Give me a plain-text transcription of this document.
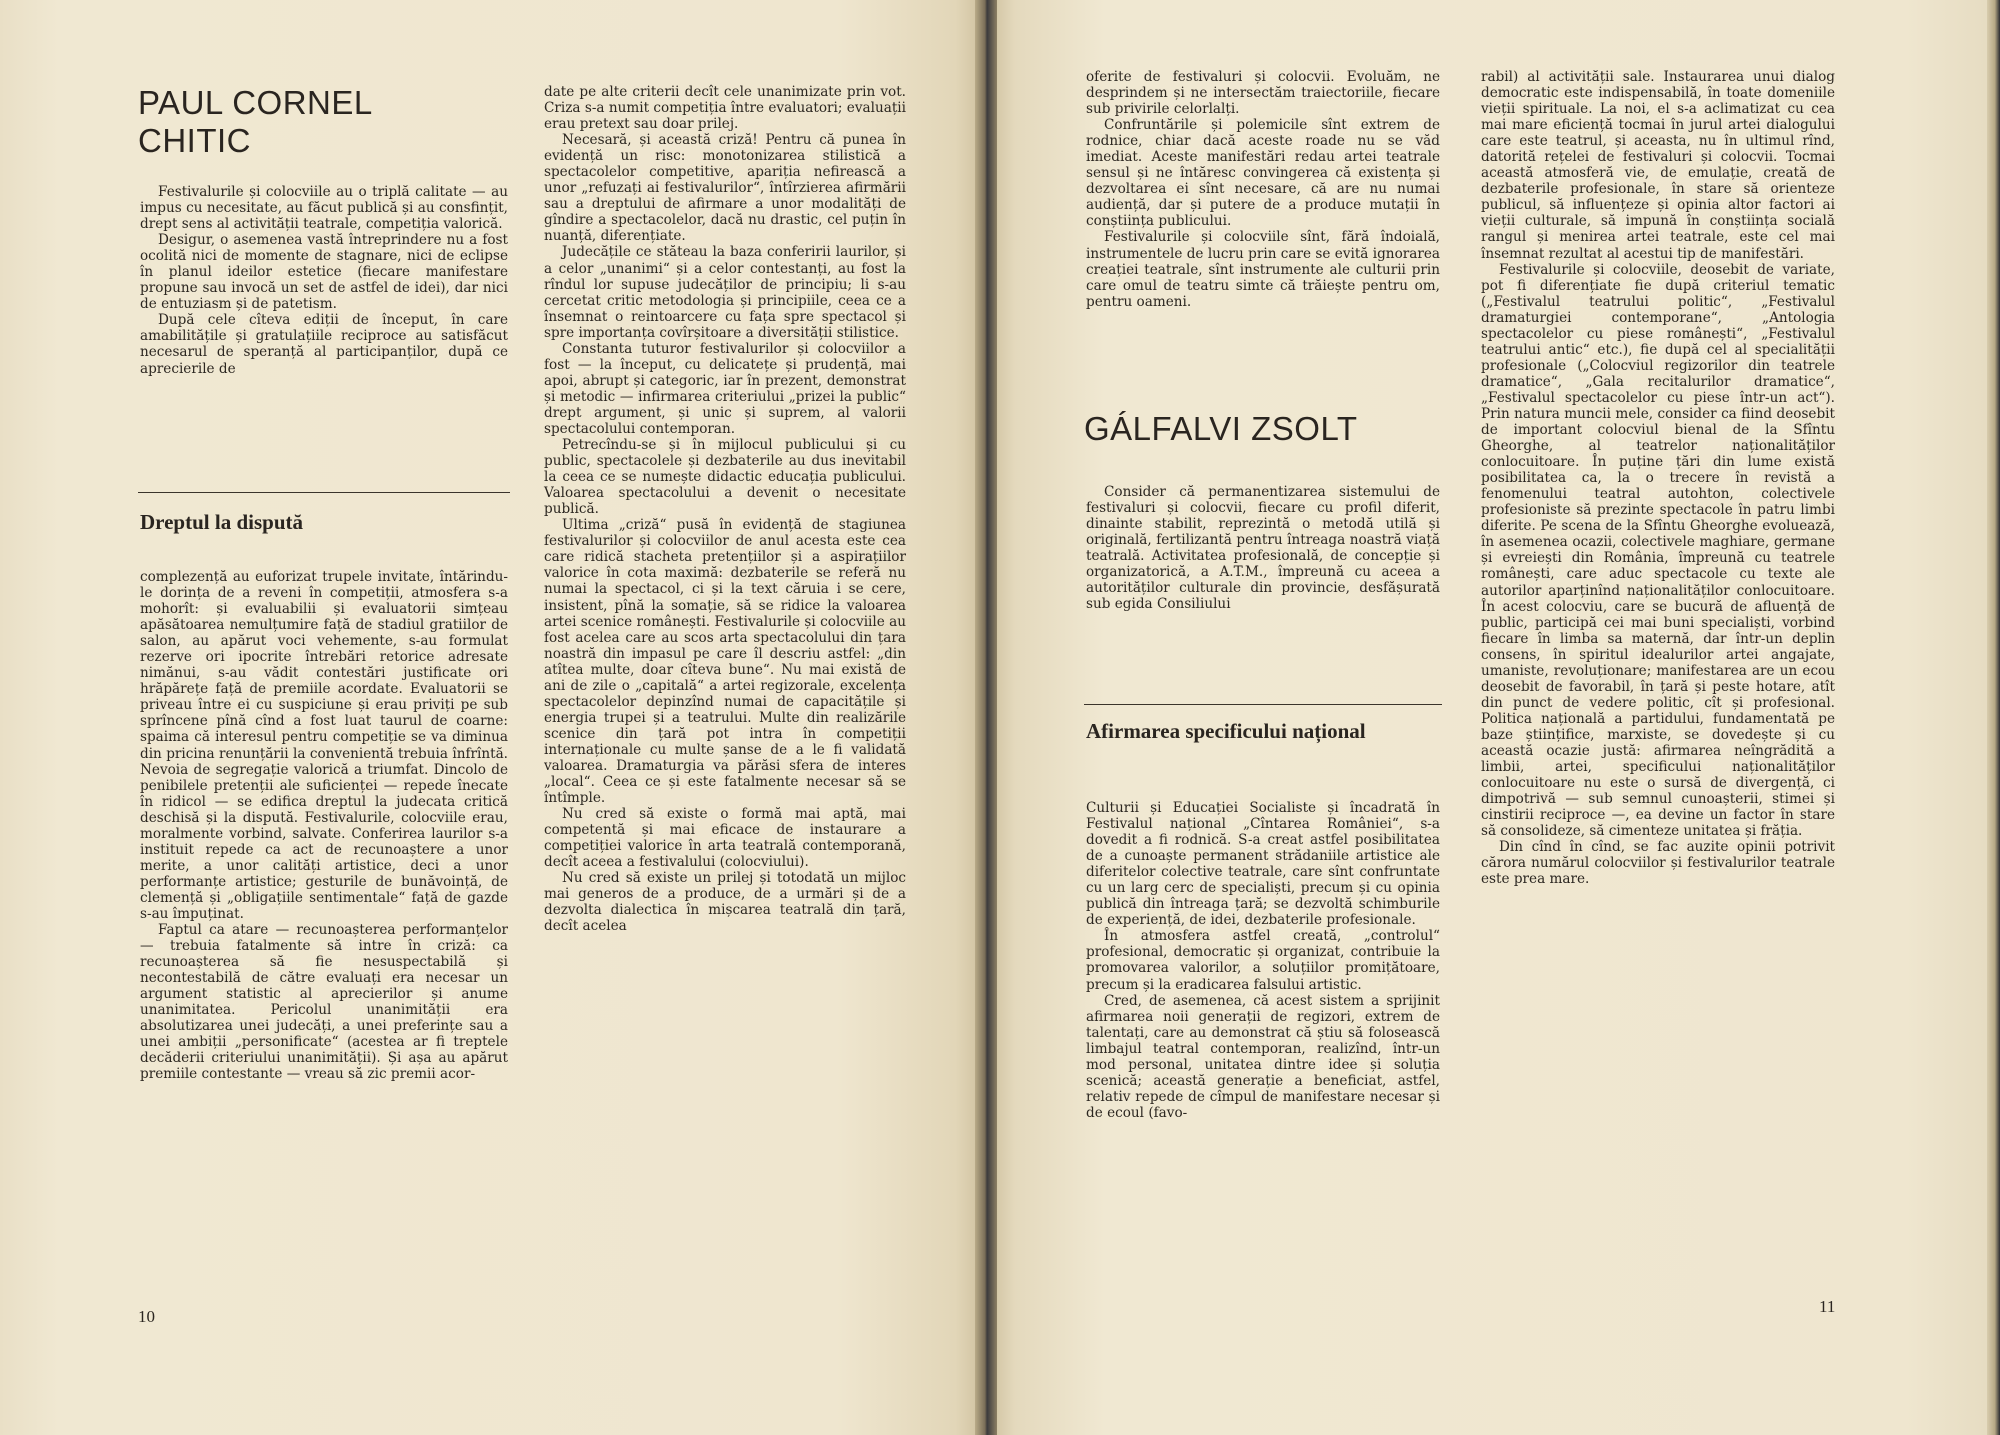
PAUL CORNEL CHITIC

Festivalurile și colocviile au o triplă calitate — au impus cu necesitate, au făcut publică și au consfințit, drept sens al activității teatrale, competiția valorică.

Desigur, o asemenea vastă întreprindere nu a fost ocolită nici de momente de stagnare, nici de eclipse în planul ideilor estetice (fiecare manifestare propune sau invocă un set de astfel de idei), dar nici de entuziasm și de patetism.

După cele cîteva ediții de început, în care amabilitățile și gratulațiile reciproce au satisfăcut necesarul de speranță al participanților, după ce aprecierile de

Dreptul la dispută

complezență au euforizat trupele invitate, întărindu-le dorința de a reveni în competiții, atmosfera s-a mohorît: și evaluabilii și evaluatorii simțeau apăsătoarea nemulțumire față de stadiul gratiilor de salon, au apărut voci vehemente, s-au formulat rezerve ori ipocrite întrebări retorice adresate nimănui, s-au vădit contestări justificate ori hrăpărețe față de premiile acordate. Evaluatorii se priveau între ei cu suspiciune și erau priviți pe sub sprîncene pînă cînd a fost luat taurul de coarne: spaima că interesul pentru competiție se va diminua din pricina renunțării la convenientă trebuia înfrîntă. Nevoia de segregație valorică a triumfat. Dincolo de penibilele pretenții ale suficienței — repede înecate în ridicol — se edifica dreptul la judecata critică deschisă și la dispută. Festivalurile, colocviile erau, moralmente vorbind, salvate. Conferirea laurilor s-a instituit repede ca act de recunoaștere a unor merite, a unor calități artistice, deci a unor performanțe artistice; gesturile de bunăvoință, de clemență și „obligațiile sentimentale“ față de gazde s-au împuținat.

Faptul ca atare — recunoașterea performanțelor — trebuia fatalmente să intre în criză: ca recunoașterea să fie nesuspectabilă și necontestabilă de către evaluați era necesar un argument statistic al aprecierilor și anume unanimitatea. Pericolul unanimității era absolutizarea unei judecăți, a unei preferințe sau a unei ambiții „personificate“ (acestea ar fi treptele decăderii criteriului unanimității). Și așa au apărut premiile contestante — vreau să zic premii acor-

date pe alte criterii decît cele unanimizate prin vot. Criza s-a numit competiția între evaluatori; evaluații erau pretext sau doar prilej.

Necesară, și această criză! Pentru că punea în evidență un risc: monotonizarea stilistică a spectacolelor competitive, apariția nefirească a unor „refuzați ai festivalurilor“, întîrzierea afirmării sau a dreptului de afirmare a unor modalități de gîndire a spectacolelor, dacă nu drastic, cel puțin în nuanță, diferențiate.

Judecățile ce stăteau la baza conferirii laurilor, și a celor „unanimi“ și a celor contestanți, au fost la rîndul lor supuse judecăților de principiu; li s-au cercetat critic metodologia și principiile, ceea ce a însemnat o reintoarcere cu fața spre spectacol și spre importanța covîrșitoare a diversității stilistice.

Constanta tuturor festivalurilor și colocviilor a fost — la început, cu delicatețe și prudență, mai apoi, abrupt și categoric, iar în prezent, demonstrat și metodic — infirmarea criteriului „prizei la public“ drept argument, și unic și suprem, al valorii spectacolului contemporan.

Petrecîndu-se și în mijlocul publicului și cu public, spectacolele și dezbaterile au dus inevitabil la ceea ce se numește didactic educația publicului. Valoarea spectacolului a devenit o necesitate publică.

Ultima „criză“ pusă în evidență de stagiunea festivalurilor și colocviilor de anul acesta este cea care ridică stacheta pretențiilor și a aspirațiilor valorice în cota maximă: dezbaterile se referă nu numai la spectacol, ci și la text căruia i se cere, insistent, pînă la somație, să se ridice la valoarea artei scenice românești. Festivalurile și colocviile au fost acelea care au scos arta spectacolului din țara noastră din impasul pe care îl descriu astfel: „din atîtea multe, doar cîteva bune“. Nu mai există de ani de zile o „capitală“ a artei regizorale, excelența spectacolelor depinzînd numai de capacitățile și energia trupei și a teatrului. Multe din realizările scenice din țară pot intra în competiții internaționale cu multe șanse de a le fi validată valoarea. Dramaturgia va părăsi sfera de interes „local“. Ceea ce și este fatalmente necesar să se întîmple.

Nu cred să existe o formă mai aptă, mai competentă și mai eficace de instaurare a competiției valorice în arta teatrală contemporană, decît aceea a festivalului (colocviului).

Nu cred să existe un prilej și totodată un mijloc mai generos de a produce, de a urmări și de a dezvolta dialectica în mișcarea teatrală din țară, decît acelea

10

oferite de festivaluri și colocvii. Evoluăm, ne desprindem și ne intersectăm traiectoriile, fiecare sub privirile celorlalți.

Confruntările și polemicile sînt extrem de rodnice, chiar dacă aceste roade nu se văd imediat. Aceste manifestări redau artei teatrale sensul și ne întăresc convingerea că existența și dezvoltarea ei sînt necesare, că are nu numai audiență, dar și putere de a produce mutații în conștiința publicului.

Festivalurile și colocviile sînt, fără îndoială, instrumentele de lucru prin care se evită ignorarea creației teatrale, sînt instrumente ale culturii prin care omul de teatru simte că trăiește pentru om, pentru oameni.

GÁLFALVI ZSOLT

Consider că permanentizarea sistemului de festivaluri și colocvii, fiecare cu profil diferit, dinainte stabilit, reprezintă o metodă utilă și originală, fertilizantă pentru întreaga noastră viață teatrală. Activitatea profesională, de concepție și organizatorică, a A.T.M., împreună cu aceea a autorităților culturale din provincie, desfășurată sub egida Consiliului

Afirmarea specificului național

Culturii și Educației Socialiste și încadrată în Festivalul național „Cîntarea României“, s-a dovedit a fi rodnică. S-a creat astfel posibilitatea de a cunoaște permanent strădaniile artistice ale diferitelor colective teatrale, care sînt confruntate cu un larg cerc de specialiști, precum și cu opinia publică din întreaga țară; se dezvoltă schimburile de experiență, de idei, dezbaterile profesionale.

În atmosfera astfel creată, „controlul“ profesional, democratic și organizat, contribuie la promovarea valorilor, a soluțiilor promițătoare, precum și la eradicarea falsului artistic.

Cred, de asemenea, că acest sistem a sprijinit afirmarea noii generații de regizori, extrem de talentați, care au demonstrat că știu să folosească limbajul teatral contemporan, realizînd, într-un mod personal, unitatea dintre idee și soluția scenică; această generație a beneficiat, astfel, relativ repede de cîmpul de manifestare necesar și de ecoul (favo-

rabil) al activității sale. Instaurarea unui dialog democratic este indispensabilă, în toate domeniile vieții spirituale. La noi, el s-a aclimatizat cu cea mai mare eficiență tocmai în jurul artei dialogului care este teatrul, și aceasta, nu în ultimul rînd, datorită rețelei de festivaluri și colocvii. Tocmai această atmosferă vie, de emulație, creată de dezbaterile profesionale, în stare să orienteze publicul, să influențeze și opinia altor factori ai vieții culturale, să impună în conștiința socială rangul și menirea artei teatrale, este cel mai însemnat rezultat al acestui tip de manifestări.

Festivalurile și colocviile, deosebit de variate, pot fi diferențiate fie după criteriul tematic („Festivalul teatrului politic“, „Festivalul dramaturgiei contemporane“, „Antologia spectacolelor cu piese românești“, „Festivalul teatrului antic“ etc.), fie după cel al specialității profesionale („Colocviul regizorilor din teatrele dramatice“, „Gala recitalurilor dramatice“, „Festivalul spectacolelor cu piese într-un act“). Prin natura muncii mele, consider ca fiind deosebit de important colocviul bienal de la Sfîntu Gheorghe, al teatrelor naționalităților conlocuitoare. În puține țări din lume există posibilitatea ca, la o trecere în revistă a fenomenului teatral autohton, colectivele profesioniste să prezinte spectacole în patru limbi diferite. Pe scena de la Sfîntu Gheorghe evoluează, în asemenea ocazii, colectivele maghiare, germane și evreiești din România, împreună cu teatrele românești, care aduc spectacole cu texte ale autorilor aparținînd naționalităților conlocuitoare. În acest colocviu, care se bucură de afluență de public, participă cei mai buni specialiști, vorbind fiecare în limba sa maternă, dar într-un deplin consens, în spiritul idealurilor artei angajate, umaniste, revoluționare; manifestarea are un ecou deosebit de favorabil, în țară și peste hotare, atît din punct de vedere politic, cît și profesional. Politica națională a partidului, fundamentată pe baze științifice, marxiste, se dovedește și cu această ocazie justă: afirmarea neîngrădită a limbii, artei, specificului naționalităților conlocuitoare nu este o sursă de divergență, ci dimpotrivă — sub semnul cunoașterii, stimei și cinstirii reciproce —, ea devine un factor în stare să consolideze, să cimenteze unitatea și frăția.

Din cînd în cînd, se fac auzite opinii potrivit cărora numărul colocviilor și festivalurilor teatrale este prea mare.

11
